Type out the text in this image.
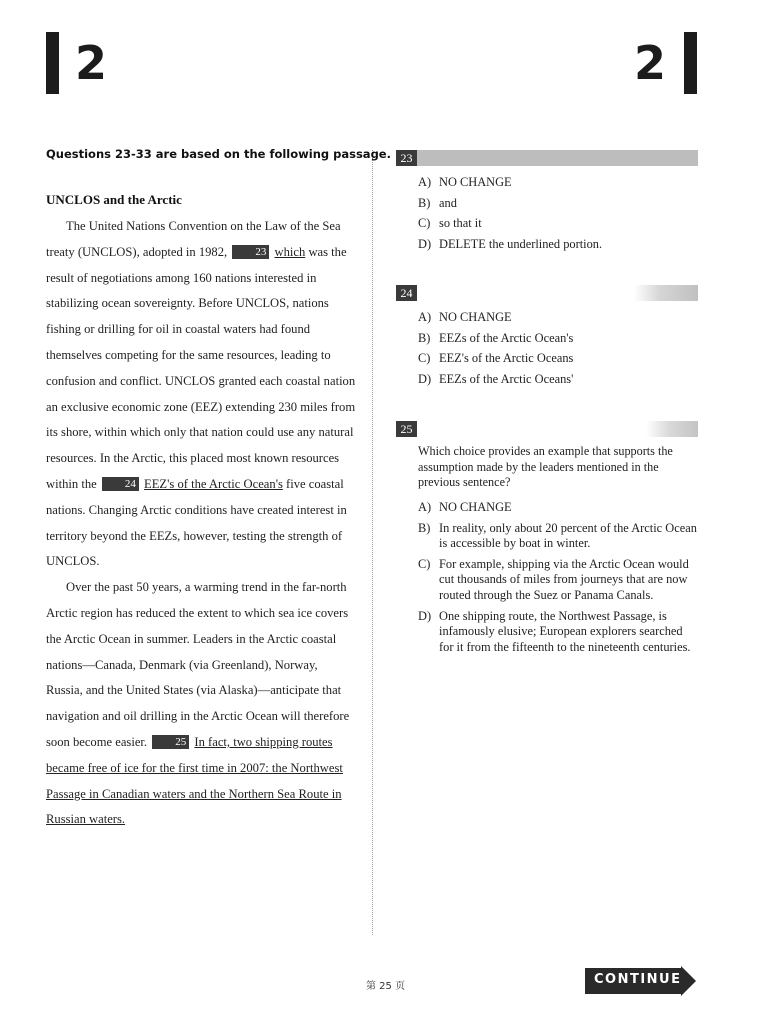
2	2
Questions 23-33 are based on the following passage.
UNCLOS and the Arctic

The United Nations Convention on the Law of the Sea treaty (UNCLOS), adopted in 1982,	23 which was the result of negotiations among 160 nations interested in stabilizing ocean sovereignty. Before UNCLOS, nations fishing or drilling for oil in coastal waters had found themselves competing for the same resources, leading to confusion and conflict. UNCLOS granted each coastal nation an exclusive economic zone (EEZ) extending 230 miles from its shore, within which only that nation could use any natural resources. In the Arctic, this placed most known resources within the	24 EEZ's of the Arctic Ocean's five coastal nations. Changing Arctic conditions have created interest in territory beyond the EEZs, however, testing the strength of UNCLOS.

Over the past 50 years, a warming trend in the far-north Arctic region has reduced the extent to which sea ice covers the Arctic Ocean in summer. Leaders in the Arctic coastal nations—Canada, Denmark (via Greenland), Norway, Russia, and the United States (via Alaska)—anticipate that navigation and oil drilling in the Arctic Ocean will therefore soon become easier.	25 In fact, two shipping routes became free of ice for the first time in 2007: the Northwest Passage in Canadian waters and the Northern Sea Route in Russian waters.

23
A) NO CHANGE
B) and
C) so that it
D) DELETE the underlined portion.
24
A) NO CHANGE
B) EEZs of the Arctic Ocean's
C) EEZ's of the Arctic Oceans
D) EEZs of the Arctic Oceans'
25
Which choice provides an example that supports the assumption made by the leaders mentioned in the previous sentence?
A) NO CHANGE
B) In reality, only about 20 percent of the Arctic Ocean is accessible by boat in winter.
C) For example, shipping via the Arctic Ocean would cut thousands of miles from journeys that are now routed through the Suez or Panama Canals.
D) One shipping route, the Northwest Passage, is infamously elusive; European explorers searched for it from the fifteenth to the nineteenth centuries.
第 25 页	CONTINUE
